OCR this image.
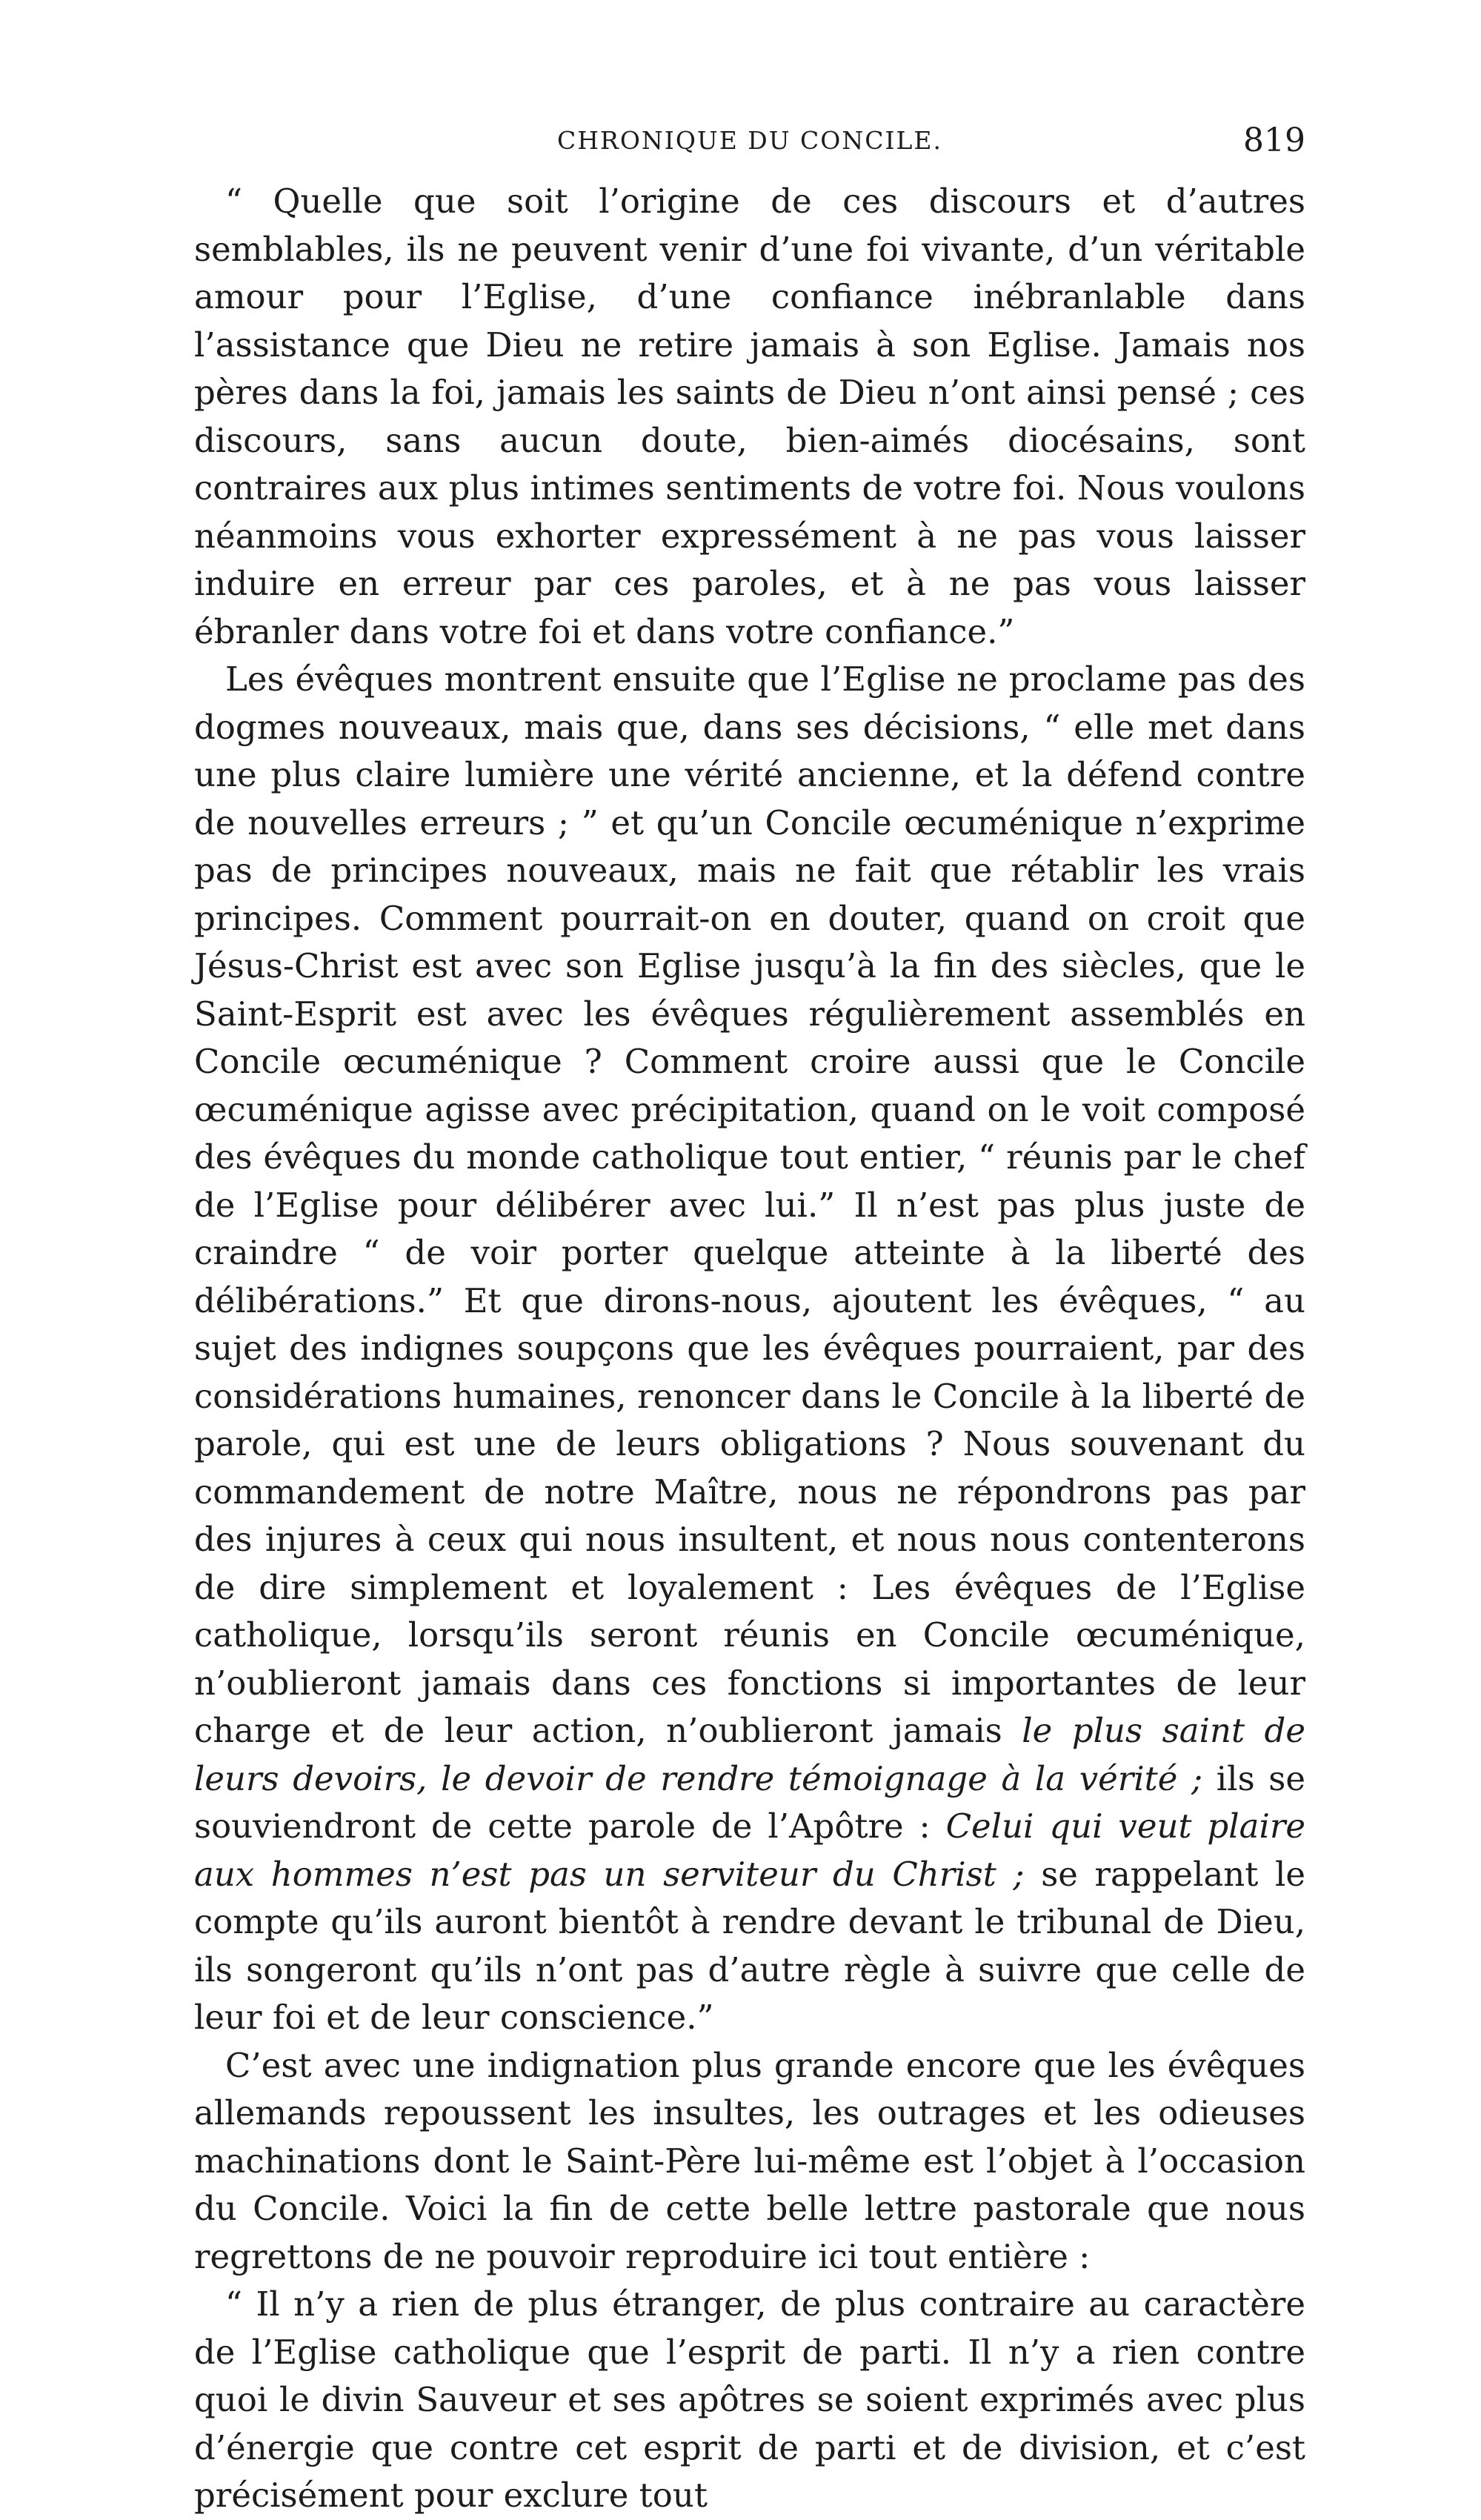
CHRONIQUE DU CONCILE.	819

“ Quelle que soit l’origine de ces discours et d’autres semblables, ils ne peuvent venir d’une foi vivante, d’un véritable amour pour l’Eglise, d’une confiance inébranlable dans l’assistance que Dieu ne retire jamais à son Eglise. Jamais nos pères dans la foi, jamais les saints de Dieu n’ont ainsi pensé ; ces discours, sans aucun doute, bien-aimés diocésains, sont contraires aux plus intimes sentiments de votre foi. Nous voulons néanmoins vous exhorter expressément à ne pas vous laisser induire en erreur par ces paroles, et à ne pas vous laisser ébranler dans votre foi et dans votre confiance.”

Les évêques montrent ensuite que l’Eglise ne proclame pas des dogmes nouveaux, mais que, dans ses décisions, “ elle met dans une plus claire lumière une vérité ancienne, et la défend contre de nouvelles erreurs ; ” et qu’un Concile œcuménique n’exprime pas de principes nouveaux, mais ne fait que rétablir les vrais principes. Comment pourrait-on en douter, quand on croit que Jésus-Christ est avec son Eglise jusqu’à la fin des siècles, que le Saint-Esprit est avec les évêques régulièrement assemblés en Concile œcuménique ? Comment croire aussi que le Concile œcuménique agisse avec précipitation, quand on le voit composé des évêques du monde catholique tout entier, “ réunis par le chef de l’Eglise pour délibérer avec lui.” Il n’est pas plus juste de craindre “ de voir porter quelque atteinte à la liberté des délibérations.” Et que dirons-nous, ajoutent les évêques, “ au sujet des indignes soupçons que les évêques pourraient, par des considérations humaines, renoncer dans le Concile à la liberté de parole, qui est une de leurs obligations ? Nous souvenant du commandement de notre Maître, nous ne répondrons pas par des injures à ceux qui nous insultent, et nous nous contenterons de dire simplement et loyalement : Les évêques de l’Eglise catholique, lorsqu’ils seront réunis en Concile œcuménique, n’oublieront jamais dans ces fonctions si importantes de leur charge et de leur action, n’oublieront jamais le plus saint de leurs devoirs, le devoir de rendre témoignage à la vérité ; ils se souviendront de cette parole de l’Apôtre : Celui qui veut plaire aux hommes n’est pas un serviteur du Christ ; se rappelant le compte qu’ils auront bientôt à rendre devant le tribunal de Dieu, ils songeront qu’ils n’ont pas d’autre règle à suivre que celle de leur foi et de leur conscience.”

C’est avec une indignation plus grande encore que les évêques allemands repoussent les insultes, les outrages et les odieuses machinations dont le Saint-Père lui-même est l’objet à l’occasion du Concile. Voici la fin de cette belle lettre pastorale que nous regrettons de ne pouvoir reproduire ici tout entière :

“ Il n’y a rien de plus étranger, de plus contraire au caractère de l’Eglise catholique que l’esprit de parti. Il n’y a rien contre quoi le divin Sauveur et ses apôtres se soient exprimés avec plus d’énergie que contre cet esprit de parti et de division, et c’est précisément pour exclure tout
